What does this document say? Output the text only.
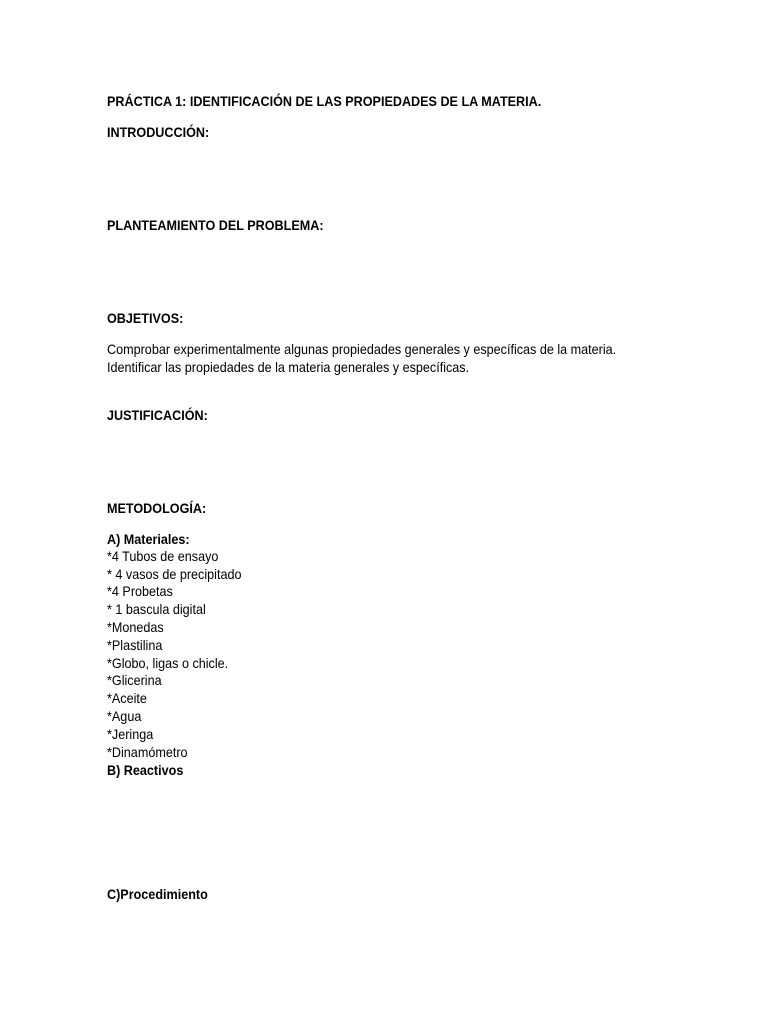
PRÁCTICA 1: IDENTIFICACIÓN DE LAS PROPIEDADES DE LA MATERIA.
INTRODUCCIÓN:
PLANTEAMIENTO DEL PROBLEMA:
OBJETIVOS:
Comprobar experimentalmente algunas propiedades generales y específicas de la materia.
Identificar las propiedades de la materia generales y específicas.
JUSTIFICACIÓN:
METODOLOGÍA:
A) Materiales:
*4 Tubos de ensayo
* 4 vasos de precipitado
*4 Probetas
* 1 bascula digital
*Monedas
*Plastilina
*Globo, ligas o chicle.
*Glicerina
*Aceite
*Agua
*Jeringa
*Dinamómetro
B) Reactivos
C)Procedimiento
